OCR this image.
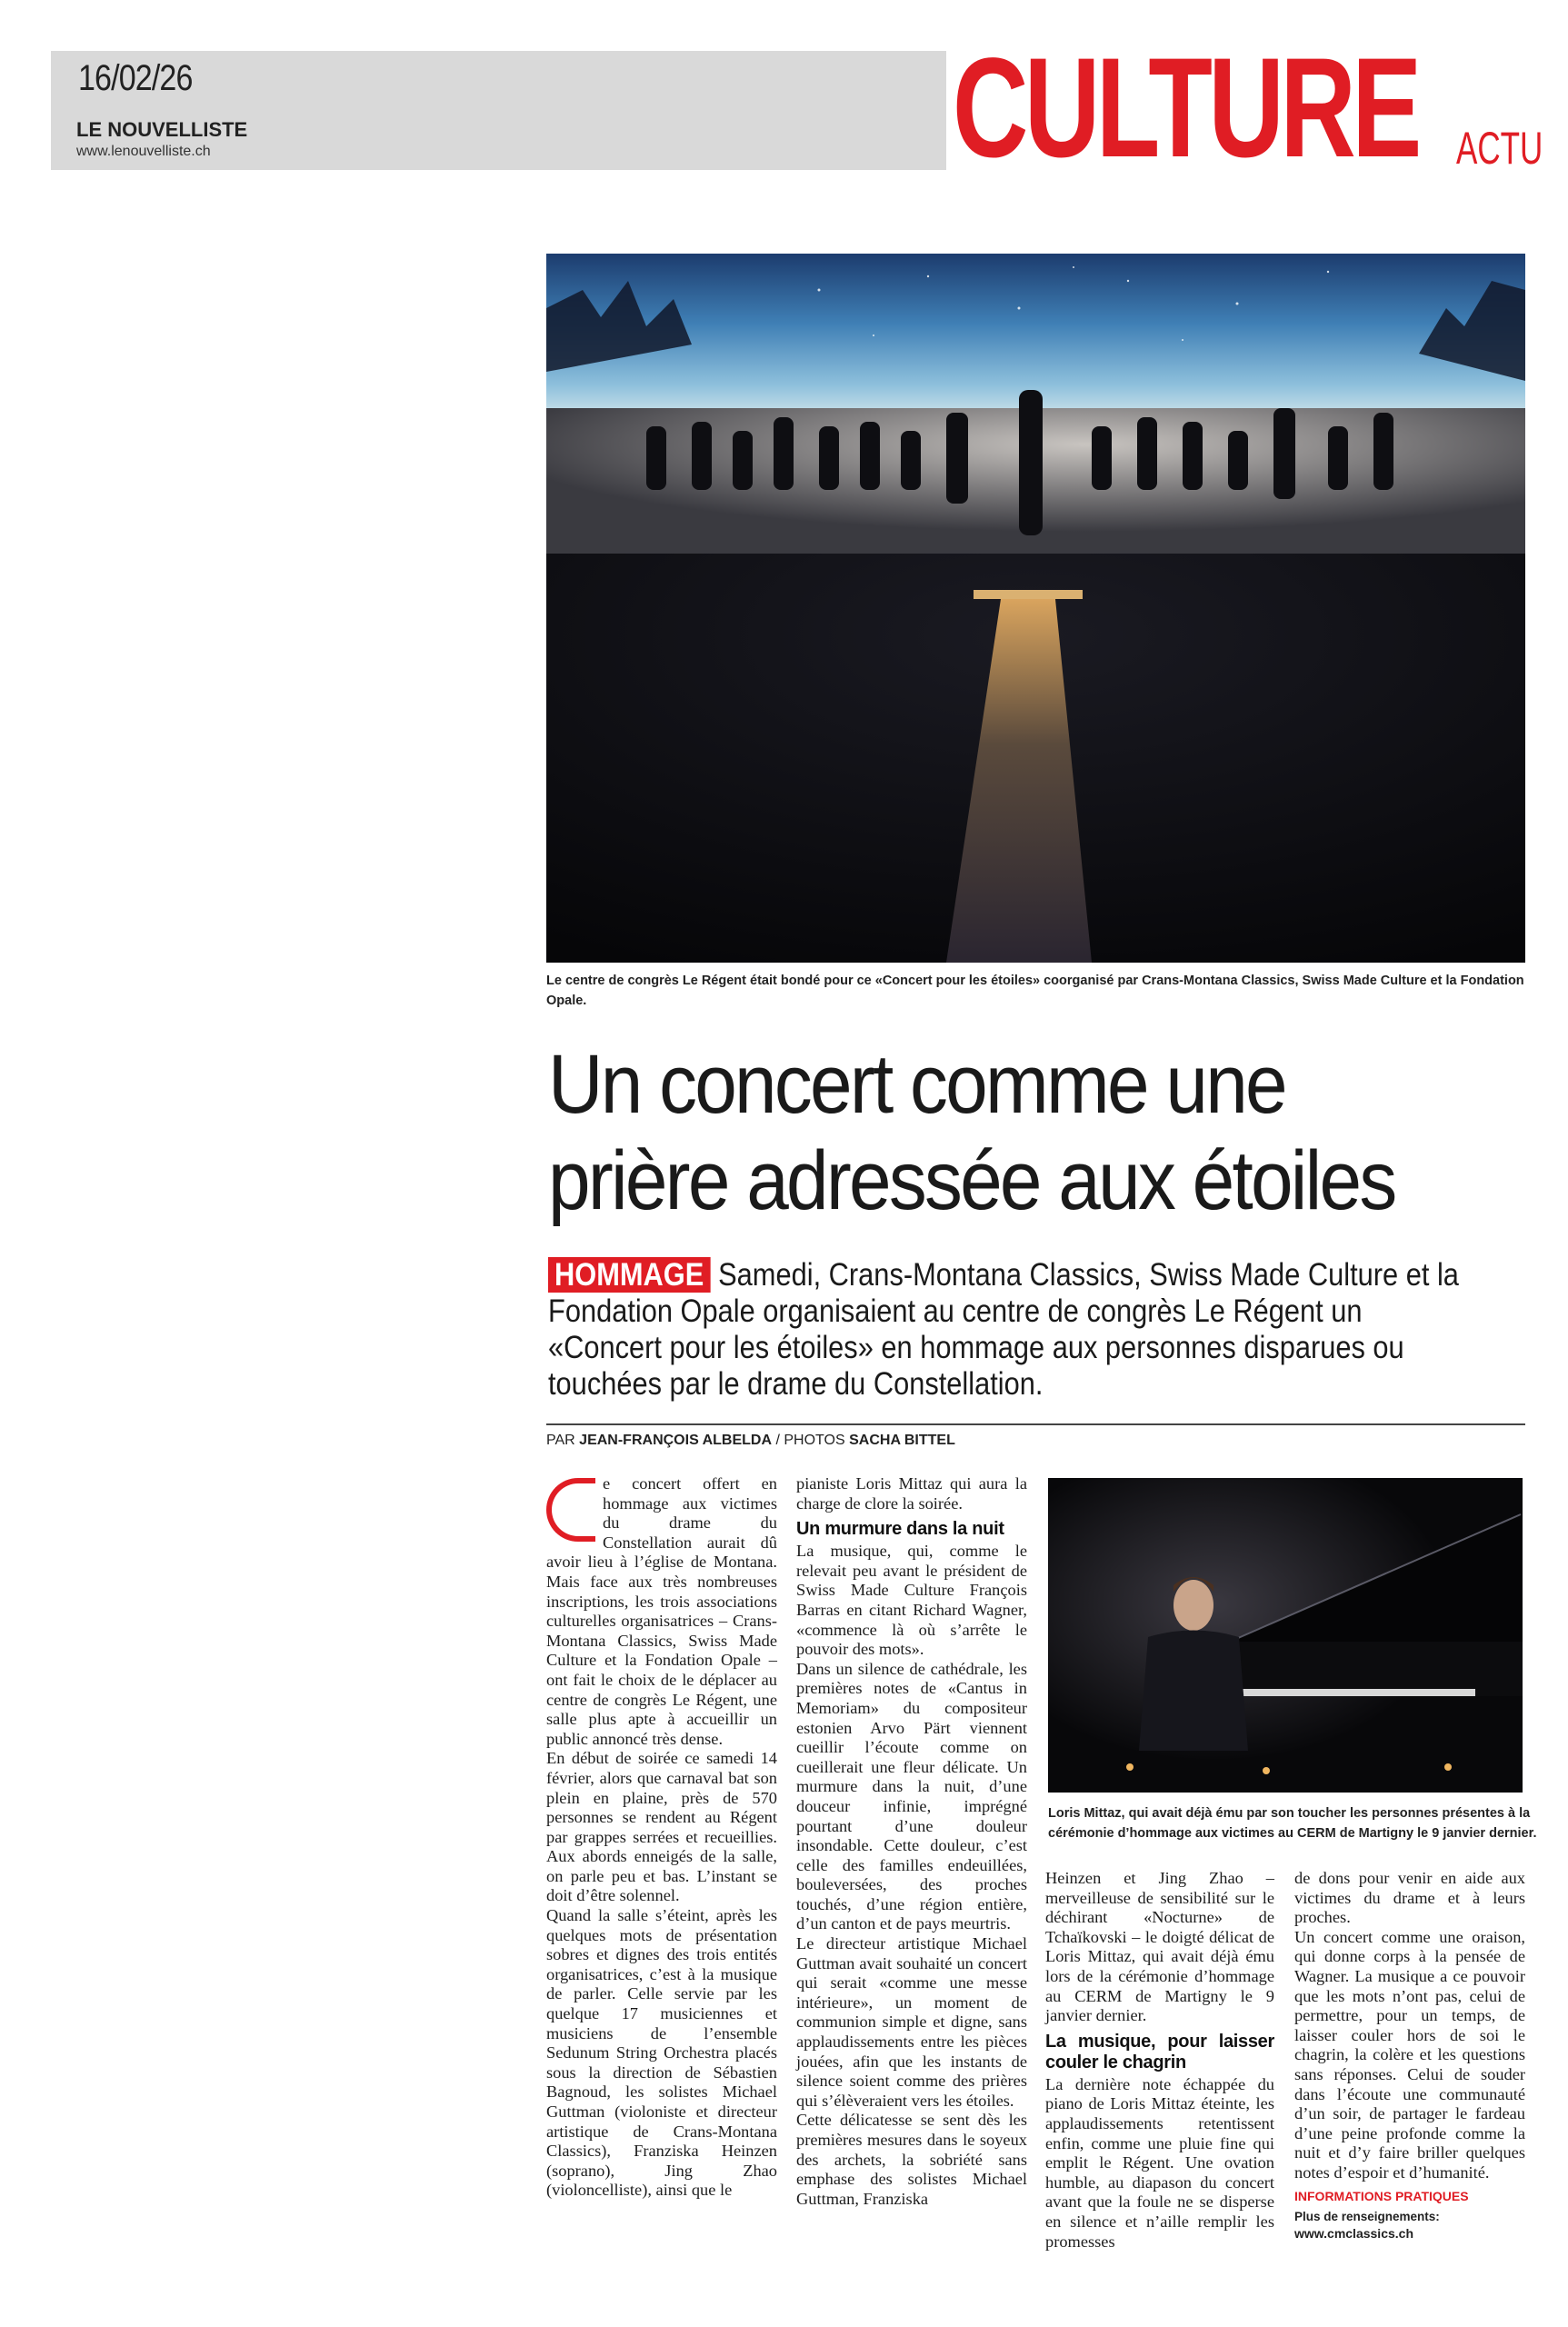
16/02/26
LE NOUVELLISTE
www.lenouvelliste.ch	CULTURE ACTU
Le centre de congrès Le Régent était bondé pour ce «Concert pour les étoiles» coorganisé par Crans-Montana Classics, Swiss Made Culture et la Fondation Opale.
Un concert comme une
prière adressée aux étoiles
HOMMAGE Samedi, Crans-Montana Classics, Swiss Made Culture et la Fondation Opale organisaient au centre de congrès Le Régent un «Concert pour les étoiles» en hommage aux personnes disparues ou touchées par le drame du Constellation.
PAR JEAN-FRANÇOIS ALBELDA / PHOTOS SACHA BITTEL

e concert offert en hommage aux victimes du drame du Constellation aurait dû avoir lieu à l’église de Montana. Mais face aux très nombreuses inscriptions, les trois associations culturelles organisatrices – Crans-Montana Classics, Swiss Made Culture et la Fondation Opale – ont fait le choix de le déplacer au centre de congrès Le Régent, une salle plus apte à accueillir un public annoncé très dense.

En début de soirée ce samedi 14 février, alors que carnaval bat son plein en plaine, près de 570 personnes se rendent au Régent par grappes serrées et recueillies. Aux abords enneigés de la salle, on parle peu et bas. L’instant se doit d’être solennel.

Quand la salle s’éteint, après les quelques mots de présentation sobres et dignes des trois entités organisatrices, c’est à la musique de parler. Celle servie par les quelque 17 musiciennes et musiciens de l’ensemble Sedunum String Orchestra placés sous la direction de Sébastien Bagnoud, les solistes Michael Guttman (violoniste et directeur artistique de Crans-Montana Classics), Franziska Heinzen (soprano), Jing Zhao (violoncelliste), ainsi que le

pianiste Loris Mittaz qui aura la charge de clore la soirée.

Un murmure dans la nuit

La musique, qui, comme le relevait peu avant le président de Swiss Made Culture François Barras en citant Richard Wagner, «commence là où s’arrête le pouvoir des mots».

Dans un silence de cathédrale, les premières notes de «Cantus in Memoriam» du compositeur estonien Arvo Pärt viennent cueillir l’écoute comme on cueillerait une fleur délicate. Un murmure dans la nuit, d’une douceur infinie, imprégné pourtant d’une douleur insondable. Cette douleur, c’est celle des familles endeuillées, bouleversées, des proches touchés, d’une région entière, d’un canton et de pays meurtris.

Le directeur artistique Michael Guttman avait souhaité un concert qui serait «comme une messe intérieure», un moment de communion simple et digne, sans applaudissements entre les pièces jouées, afin que les instants de silence soient comme des prières qui s’élèveraient vers les étoiles.

Cette délicatesse se sent dès les premières mesures dans le soyeux des archets, la sobriété sans emphase des solistes Michael Guttman, Franziska

Loris Mittaz, qui avait déjà ému par son toucher les personnes présentes à la cérémonie d’hommage aux victimes au CERM de Martigny le 9 janvier dernier.

Heinzen et Jing Zhao – merveilleuse de sensibilité sur le déchirant «Nocturne» de Tchaïkovski – le doigté délicat de Loris Mittaz, qui avait déjà ému lors de la cérémonie d’hommage au CERM de Martigny le 9 janvier dernier.

La musique, pour laisser couler le chagrin

La dernière note échappée du piano de Loris Mittaz éteinte, les applaudissements retentissent enfin, comme une pluie fine qui emplit le Régent. Une ovation humble, au diapason du concert avant que la foule ne se disperse en silence et n’aille remplir les promesses

de dons pour venir en aide aux victimes du drame et à leurs proches.

Un concert comme une oraison, qui donne corps à la pensée de Wagner. La musique a ce pouvoir que les mots n’ont pas, celui de permettre, pour un temps, de laisser couler hors de soi le chagrin, la colère et les questions sans réponses. Celui de souder dans l’écoute une communauté d’un soir, de partager le fardeau d’une peine profonde comme la nuit et d’y faire briller quelques notes d’espoir et d’humanité.

INFORMATIONS PRATIQUES
Plus de renseignements:
www.cmclassics.ch
